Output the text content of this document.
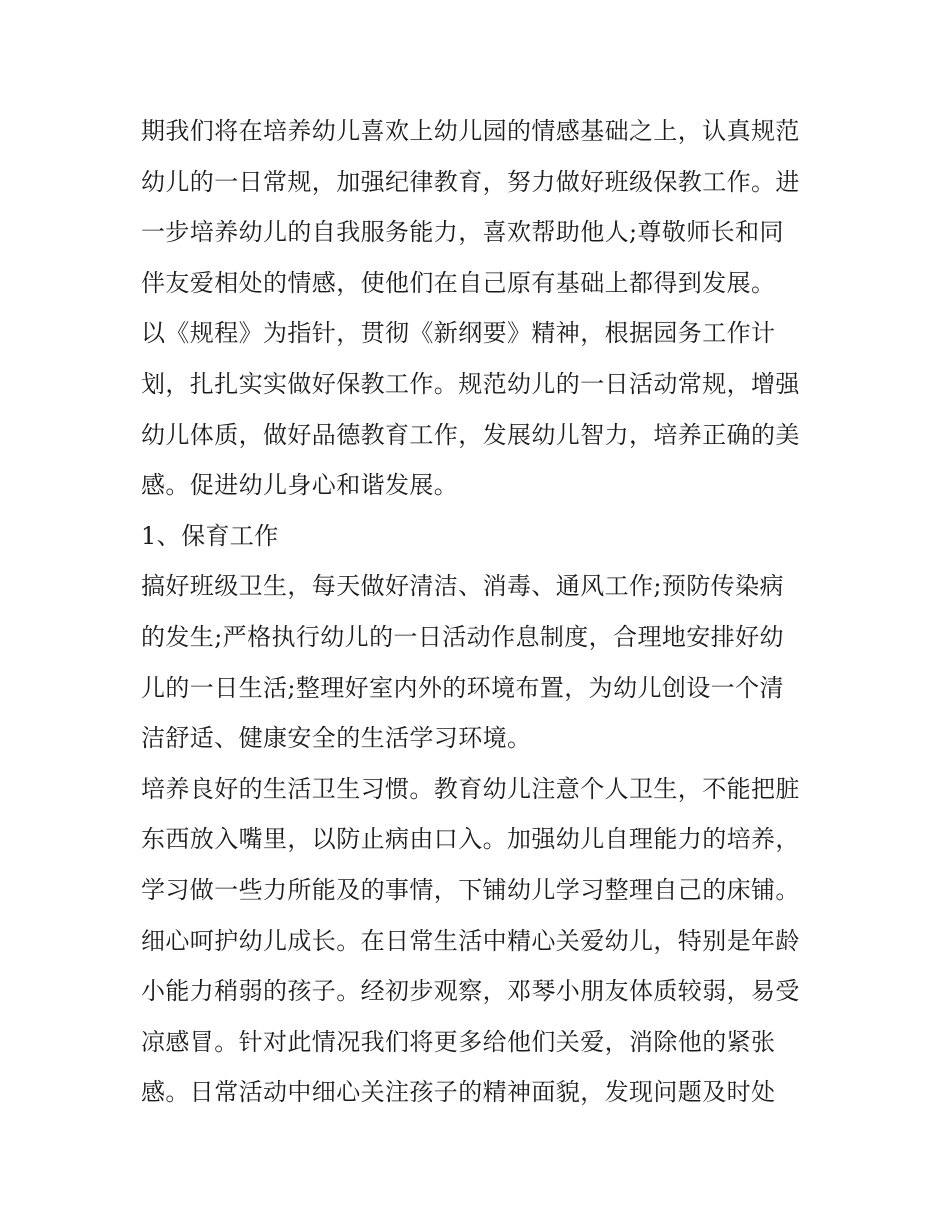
期我们将在培养幼儿喜欢上幼儿园的情感基础之上，认真规范
幼儿的一日常规，加强纪律教育，努力做好班级保教工作。进
一步培养幼儿的自我服务能力，喜欢帮助他人;尊敬师长和同
伴友爱相处的情感，使他们在自己原有基础上都得到发展。
以《规程》为指针，贯彻《新纲要》精神，根据园务工作计
划，扎扎实实做好保教工作。规范幼儿的一日活动常规，增强
幼儿体质，做好品德教育工作，发展幼儿智力，培养正确的美
感。促进幼儿身心和谐发展。
1、保育工作
搞好班级卫生，每天做好清洁、消毒、通风工作;预防传染病
的发生;严格执行幼儿的一日活动作息制度，合理地安排好幼
儿的一日生活;整理好室内外的环境布置，为幼儿创设一个清
洁舒适、健康安全的生活学习环境。
培养良好的生活卫生习惯。教育幼儿注意个人卫生，不能把脏
东西放入嘴里，以防止病由口入。加强幼儿自理能力的培养，
学习做一些力所能及的事情，下铺幼儿学习整理自己的床铺。
细心呵护幼儿成长。在日常生活中精心关爱幼儿，特别是年龄
小能力稍弱的孩子。经初步观察，邓琴小朋友体质较弱，易受
凉感冒。针对此情况我们将更多给他们关爱，消除他的紧张
感。日常活动中细心关注孩子的精神面貌，发现问题及时处
